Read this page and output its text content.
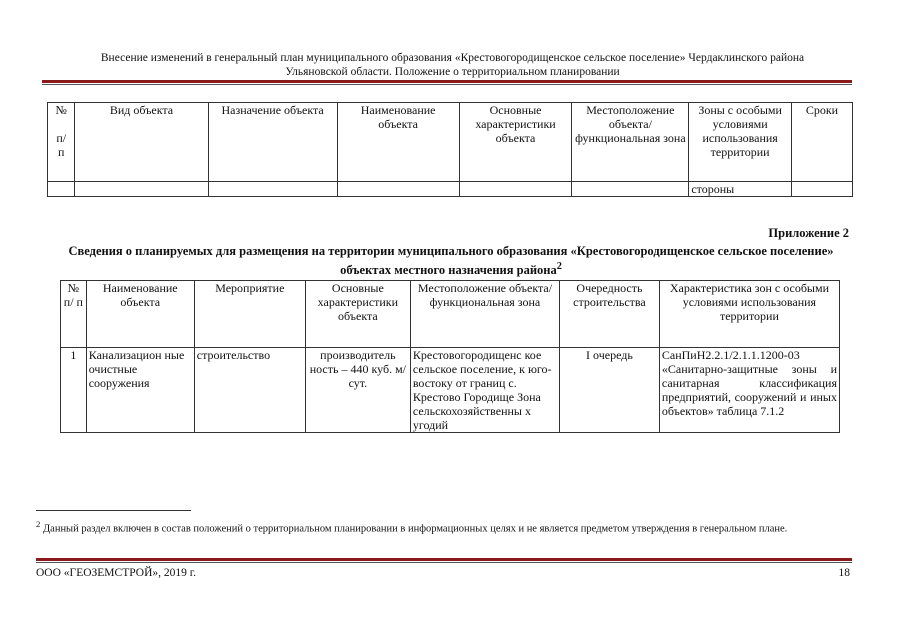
Внесение изменений в генеральный план муниципального образования «Крестовогородищенское сельское поселение» Чердаклинского района
Ульяновской области. Положение о территориальном планировании
№

п/
п	Вид объекта	Назначение объекта	Наименование объекта	Основные характеристики объекта	Местоположение объекта/ функциональная зона	Зоны с особыми условиями использования территории	Сроки
						стороны	
Приложение 2
Сведения о планируемых для размещения на территории муниципального образования «Крестовогородищенское сельское поселение» объектах местного назначения района$^2$
№ п/ п	Наименование объекта	Мероприятие	Основные характеристики объекта	Местоположение объекта/ функциональная зона	Очередность строительства	Характеристика зон с особыми условиями использования территории
1	Канализацион ные очистные сооружения	строительство	производитель ность – 440 куб. м/сут.	Крестовогородищенс кое сельское поселение, к юго-востоку от границ с. Крестово Городище Зона сельскохозяйственны х угодий	I очередь	СанПиН2.2.1/2.1.1.1200-03 «Санитарно-защитные зоны и санитарная классификация предприятий, сооружений и иных объектов» таблица 7.1.2
$^2$ Данный раздел включен в состав положений о территориальном планировании в информационных целях и не является предметом утверждения в генеральном плане.
ООО «ГЕОЗЕМСТРОЙ», 2019 г.	18
